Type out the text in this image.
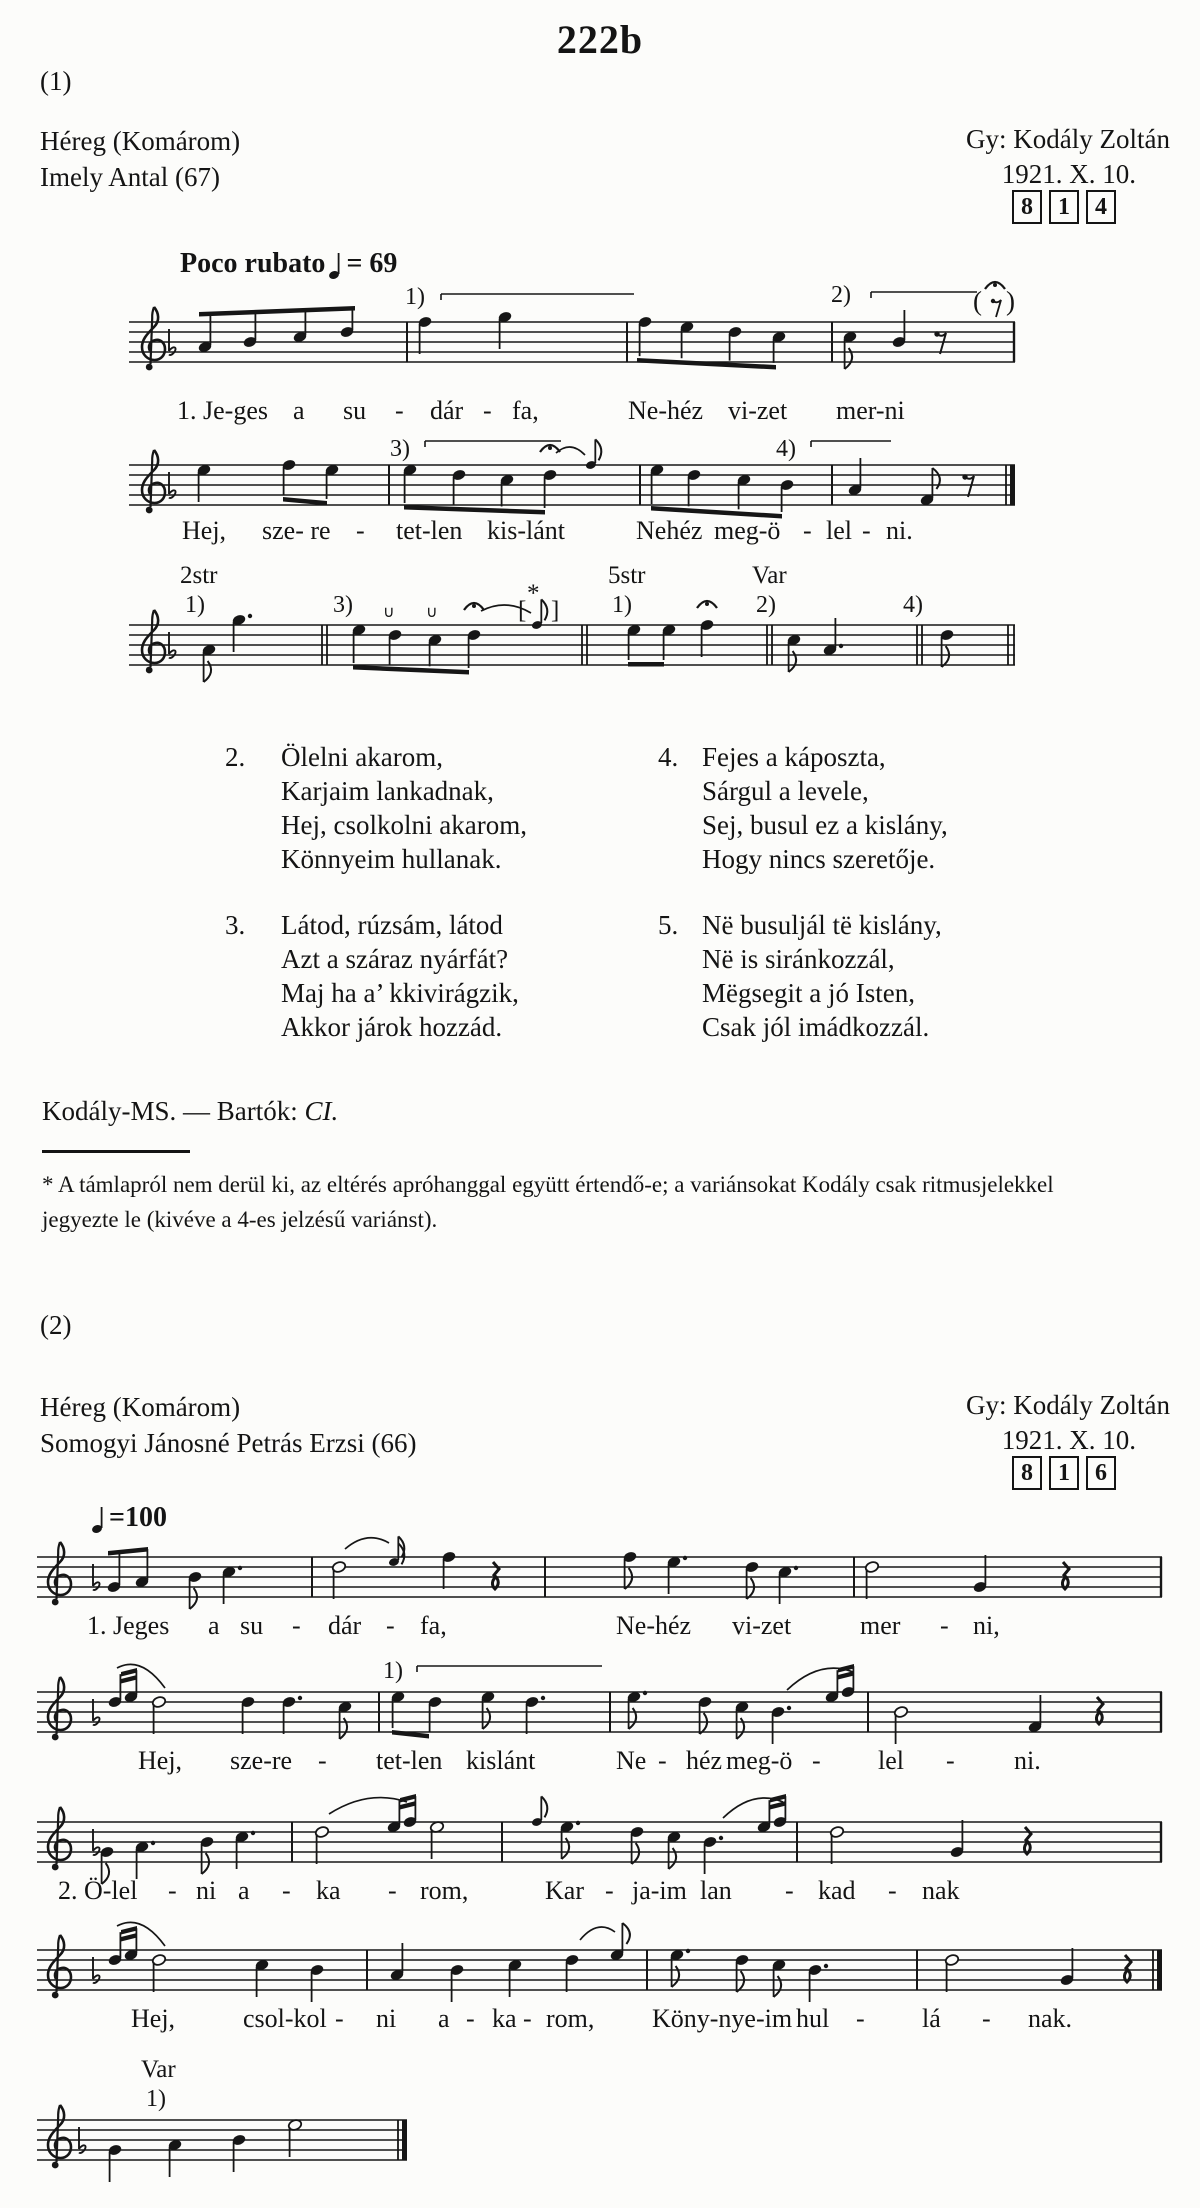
222b
(1)
Héreg (Komárom)
Imely Antal (67)
Gy: Kodály Zoltán
1921. X. 10.
8 1 4
2. Ölelni akarom,
Karjaim lankadnak,
Hej, csolkolni akarom,
Könnyeim hullanak.
4. Fejes a káposzta,
Sárgul a levele,
Sej, busul ez a kislány,
Hogy nincs szeretője.
3. Látod, rúzsám, látod
Azt a száraz nyárfát?
Maj ha a’ kkivirágzik,
Akkor járok hozzád.
5. Në busuljál të kislány,
Në is siránkozzál,
Mëgsegit a jó Isten,
Csak jól imádkozzál.
Kodály-MS. — Bartók: CI.
* A támlapról nem derül ki, az eltérés apróhanggal együtt értendő-e; a variánsokat Kodály csak ritmusjelekkel
jegyezte le (kivéve a 4-es jelzésű variánst).
(2)
Héreg (Komárom)
Somogyi Jánosné Petrás Erzsi (66)
Gy: Kodály Zoltán
1921. X. 10.
8 1 6
1)	2)	( )
3)	4)
2str
1)	3)	*
[ ]
∪ ∪
5str
1)
Var
2)	4)
1)
Var
1)
1. Je-ges a su - dár - fa,	Ne-héz vi-zet mer-ni
Hej, sze- re - tet-len kis-lánt	Nehéz meg-ö - lel - ni.
1. Jeges a su - dár - fa,	Ne-héz vi-zet	mer - ni,
Hej, sze-re - tet-len kislánt	Ne - héz meg-ö - lel - ni.
2. Ö-lel - ni a - ka - rom,	Kar - ja-im lan - kad - nak
Hej,	csol-kol - ni a - ka - rom, Köny-nye-im hul - lá - nak.
Poco rubato = 69
=100
